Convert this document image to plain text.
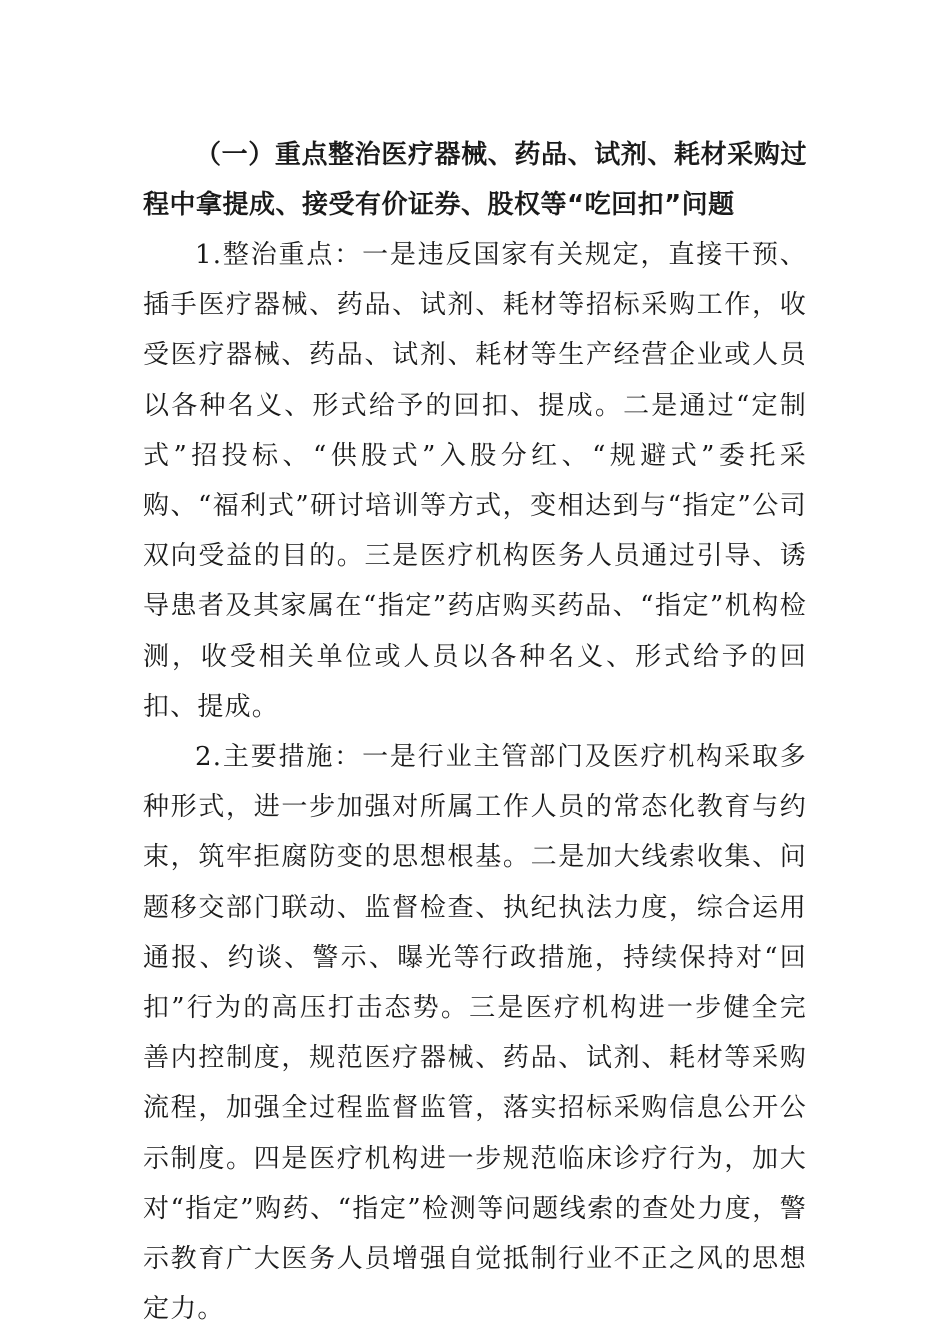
（一）重点整治医疗器械、药品、试剂、耗材采购过程中拿提成、接受有价证券、股权等“吃回扣”问题

1.整治重点：一是违反国家有关规定，直接干预、插手医疗器械、药品、试剂、耗材等招标采购工作，收受医疗器械、药品、试剂、耗材等生产经营企业或人员以各种名义、形式给予的回扣、提成。二是通过“定制式”招投标、“供股式”入股分红、“规避式”委托采购、“福利式”研讨培训等方式，变相达到与“指定”公司双向受益的目的。三是医疗机构医务人员通过引导、诱导患者及其家属在“指定”药店购买药品、“指定”机构检测，收受相关单位或人员以各种名义、形式给予的回扣、提成。

2.主要措施：一是行业主管部门及医疗机构采取多种形式，进一步加强对所属工作人员的常态化教育与约束，筑牢拒腐防变的思想根基。二是加大线索收集、问题移交部门联动、监督检查、执纪执法力度，综合运用通报、约谈、警示、曝光等行政措施，持续保持对“回扣”行为的高压打击态势。三是医疗机构进一步健全完善内控制度，规范医疗器械、药品、试剂、耗材等采购流程，加强全过程监督监管，落实招标采购信息公开公示制度。四是医疗机构进一步规范临床诊疗行为，加大对“指定”购药、“指定”检测等问题线索的查处力度，警示教育广大医务人员增强自觉抵制行业不正之风的思想定力。
